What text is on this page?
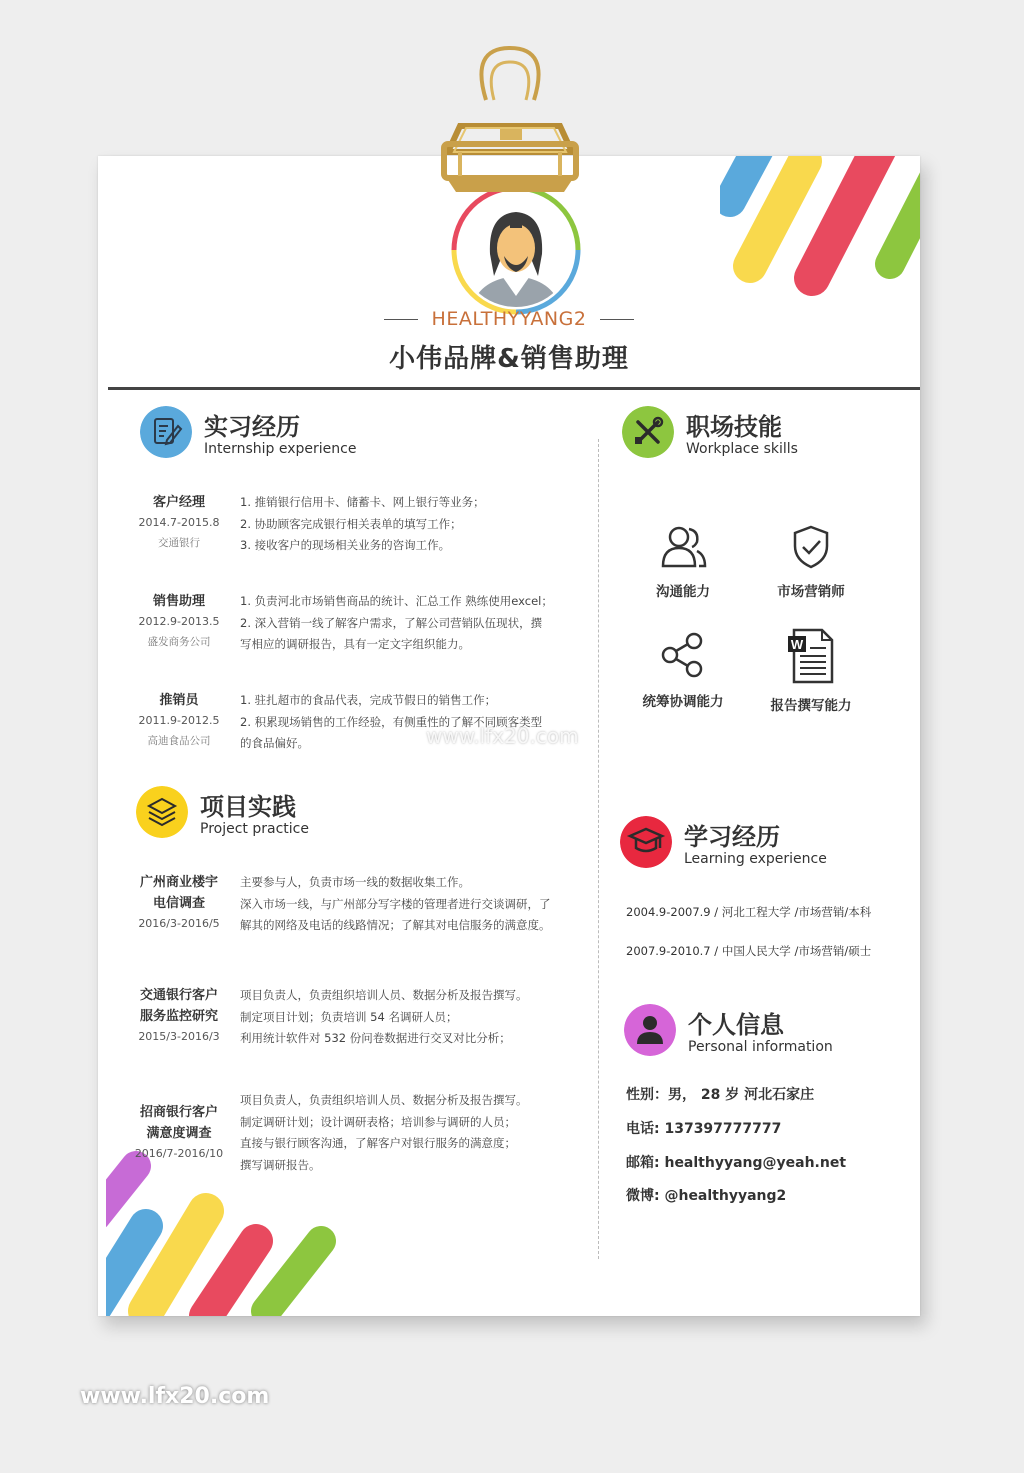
HEALTHYYANG2
小伟品牌&销售助理
实习经历
Internship experience
客户经理
2014.7-2015.8
交通银行

1. 推销银行信用卡、储蓄卡、网上银行等业务；

2. 协助顾客完成银行相关表单的填写工作；

3. 接收客户的现场相关业务的咨询工作。

销售助理
2012.9-2013.5
盛发商务公司

1. 负责河北市场销售商品的统计、汇总工作 熟练使用excel；

2. 深入营销一线了解客户需求，了解公司营销队伍现状，撰

写相应的调研报告，具有一定文字组织能力。

推销员
2011.9-2012.5
高迪食品公司

1. 驻扎超市的食品代表，完成节假日的销售工作；

2. 积累现场销售的工作经验，有侧重性的了解不同顾客类型

的食品偏好。

项目实践
Project practice
广州商业楼宇
电信调查
2016/3-2016/5

主要参与人，负责市场一线的数据收集工作。

深入市场一线，与广州部分写字楼的管理者进行交谈调研，了

解其的网络及电话的线路情况；了解其对电信服务的满意度。

交通银行客户
服务监控研究
2015/3-2016/3

项目负责人，负责组织培训人员、数据分析及报告撰写。

制定项目计划；负责培训 54 名调研人员；

利用统计软件对 532 份问卷数据进行交叉对比分析；

招商银行客户
满意度调查
2016/7-2016/10

项目负责人，负责组织培训人员、数据分析及报告撰写。

制定调研计划；设计调研表格；培训参与调研的人员；

直接与银行顾客沟通，了解客户对银行服务的满意度；

撰写调研报告。

职场技能
Workplace skills
沟通能力	市场营销师
统筹协调能力
W
报告撰写能力
学习经历
Learning experience
2004.9-2007.9 / 河北工程大学 /市场营销/本科
2007.9-2010.7 / 中国人民大学 /市场营销/硕士
个人信息
Personal information
性别：男， 28 岁 河北石家庄
电话: 137397777777
邮箱: healthyyang@yeah.net
微博: @healthyyang2
www.lfx20.com
www.lfx20.com
